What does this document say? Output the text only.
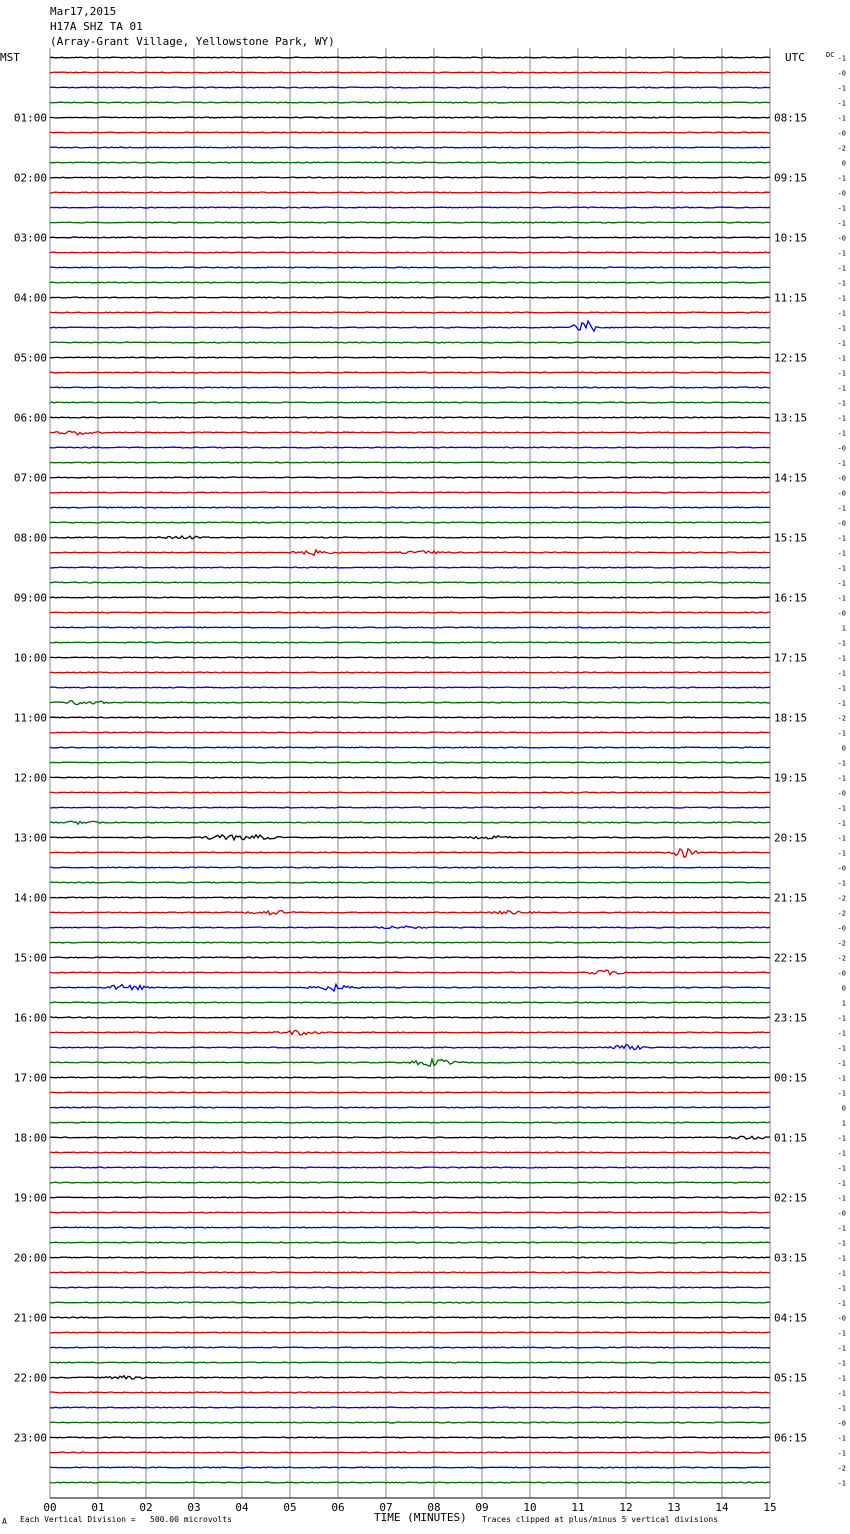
Mar17,2015
H17A SHZ TA 01
(Array-Grant Village, Yellowstone Park, WY)
MST	UTC	DC
01:00
02:00
03:00
04:00
05:00
06:00
07:00
08:00
09:00
10:00
11:00
12:00
13:00
14:00
15:00
16:00
17:00
18:00
19:00
20:00
21:00
22:00
23:00
08:15
09:15
10:15
11:15
12:15
13:15
14:15
15:15
16:15
17:15
18:15
19:15
20:15
21:15
22:15
23:15
00:15
01:15
02:15
03:15
04:15
05:15
06:15
-1
-0
-1
-1
-1
-0
-2
0
-1
-0
-1
-1
-0
-1
-1
-1
-1
-1
-1
-1
-1
-1
-1
-1
-1
-1
-0
-1
-0
-0
-1
-0
-1
-1
-1
-1
-1
-0
1
-1
-1
-1
-1
-1
-2
-1
0
-1
-1
-0
-1
-1
-1
-1
-0
-1
-2
-2
-0
-2
-2
-0
0
1
-1
-1
-1
-1
-1
-1
0
1
-1
-1
-1
-1
-1
-0
-1
-1
-1
-1
-1
-1
-0
-1
-1
-1
-1
-1
-1
-0
-1
-1
-2
-1
00	01	02	03	04	05	06	07	08	09	10	11	12	13	14	15
A Each Vertical Division =   500.00 microvolts	TIME (MINUTES) Traces clipped at plus/minus 5 vertical divisions
